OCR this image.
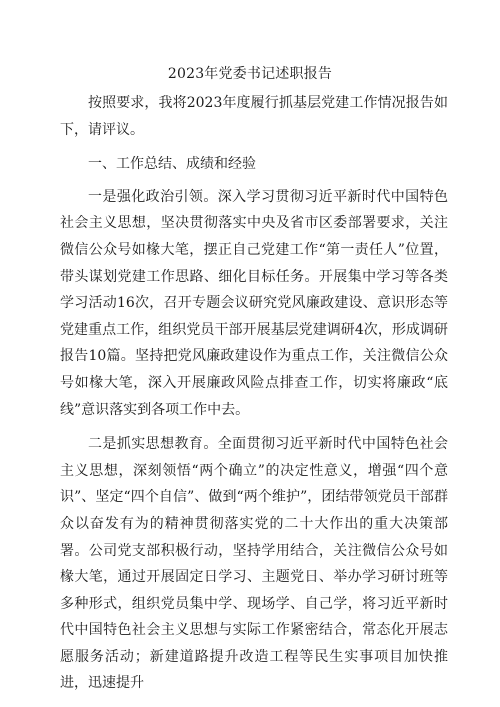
2023年党委书记述职报告

按照要求，我将2023年度履行抓基层党建工作情况报告如下，请评议。

一、工作总结、成绩和经验

一是强化政治引领。深入学习贯彻习近平新时代中国特色社会主义思想，坚决贯彻落实中央及省市区委部署要求，关注微信公众号如椽大笔，摆正自己党建工作“第一责任人”位置，带头谋划党建工作思路、细化目标任务。开展集中学习等各类学习活动16次，召开专题会议研究党风廉政建设、意识形态等党建重点工作，组织党员干部开展基层党建调研4次，形成调研报告10篇。坚持把党风廉政建设作为重点工作，关注微信公众号如椽大笔，深入开展廉政风险点排查工作，切实将廉政“底线”意识落实到各项工作中去。

二是抓实思想教育。全面贯彻习近平新时代中国特色社会主义思想，深刻领悟“两个确立”的决定性意义，增强“四个意识”、坚定“四个自信”、做到“两个维护”，团结带领党员干部群众以奋发有为的精神贯彻落实党的二十大作出的重大决策部署。公司党支部积极行动，坚持学用结合，关注微信公众号如椽大笔，通过开展固定日学习、主题党日、举办学习研讨班等多种形式，组织党员集中学、现场学、自己学，将习近平新时代中国特色社会主义思想与实际工作紧密结合，常态化开展志愿服务活动；新建道路提升改造工程等民生实事项目加快推进，迅速提升
